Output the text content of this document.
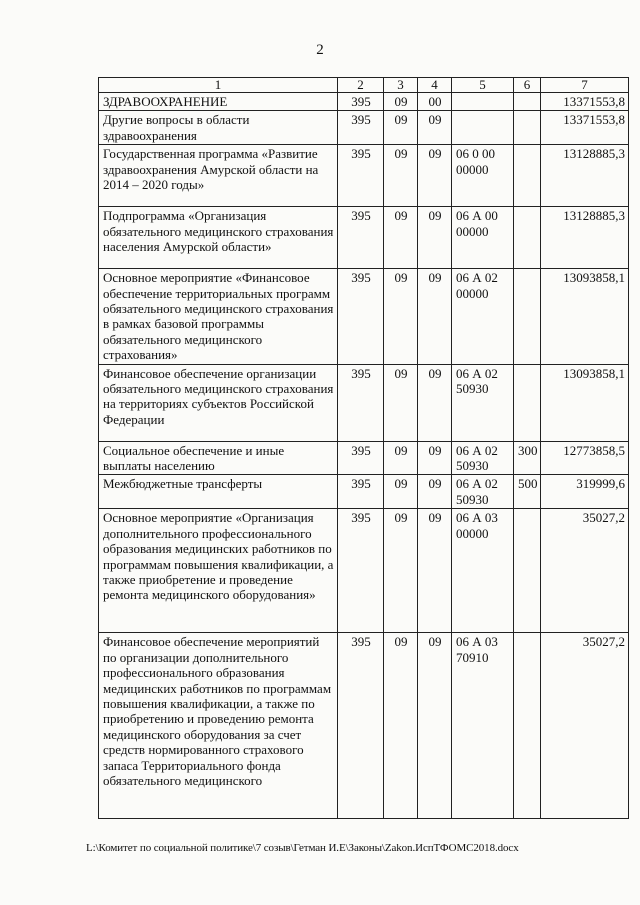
2
1	2	3	4	5	6	7
ЗДРАВООХРАНЕНИЕ	395	09	00			13371553,8
Другие вопросы в области здравоохранения	395	09	09			13371553,8
Государственная программа «Развитие здравоохранения Амурской области на 2014 – 2020 годы»	395	09	09	06 0 00 00000		13128885,3
Подпрограмма «Организация обязательного медицинского страхования населения Амурской области»	395	09	09	06 А 00 00000		13128885,3
Основное мероприятие «Финансовое обеспечение территориальных программ обязательного медицинского страхования в рамках базовой программы обязательного медицинского страхования»	395	09	09	06 А 02 00000		13093858,1
Финансовое обеспечение организации обязательного медицинского страхования на территориях субъектов Российской Федерации	395	09	09	06 А 02 50930		13093858,1
Социальное обеспечение и иные выплаты населению	395	09	09	06 А 02 50930	300	12773858,5
Межбюджетные трансферты	395	09	09	06 А 02 50930	500	319999,6
Основное мероприятие «Организация дополнительного профессионального образования медицинских работников по программам повышения квалификации, а также приобретение и проведение ремонта медицинского оборудования»	395	09	09	06 А 03 00000		35027,2
Финансовое обеспечение мероприятий по организации дополнительного профессионального образования медицинских работников по программам повышения квалификации, а также по приобретению и проведению ремонта медицинского оборудования за счет средств нормированного страхового запаса Территориального фонда обязательного медицинского	395	09	09	06 А 03 70910		35027,2
L:\Комитет по социальной политике\7 созыв\Гетман И.Е\Законы\Zakon.ИспТФОМС2018.docx
